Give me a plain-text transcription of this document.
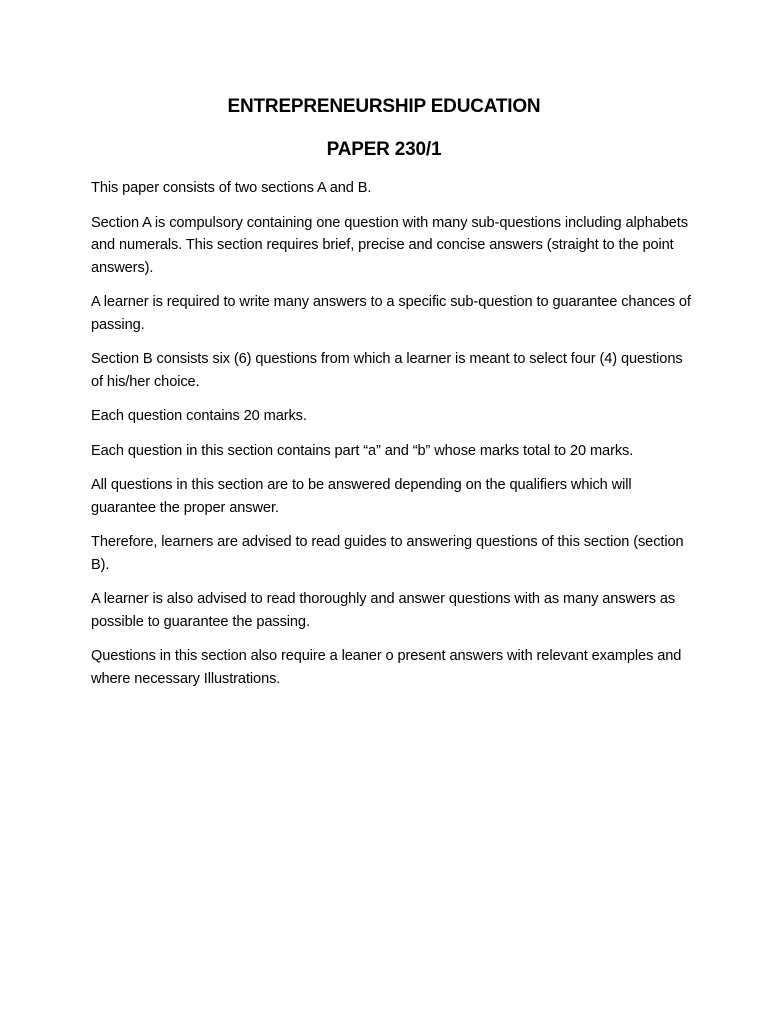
ENTREPRENEURSHIP EDUCATION
PAPER 230/1

This paper consists of two sections A and B.

Section A is compulsory containing one question with many sub-questions including alphabets and numerals. This section requires brief, precise and concise answers (straight to the point answers).

A learner is required to write many answers to a specific sub-question to guarantee chances of passing.

Section B consists six (6) questions from which a learner is meant to select four (4) questions of his/her choice.

Each question contains 20 marks.

Each question in this section contains part “a” and “b” whose marks total to 20 marks.

All questions in this section are to be answered depending on the qualifiers which will guarantee the proper answer.

Therefore, learners are advised to read guides to answering questions of this section (section B).

A learner is also advised to read thoroughly and answer questions with as many answers as possible to guarantee the passing.

Questions in this section also require a leaner o present answers with relevant examples and where necessary Illustrations.
